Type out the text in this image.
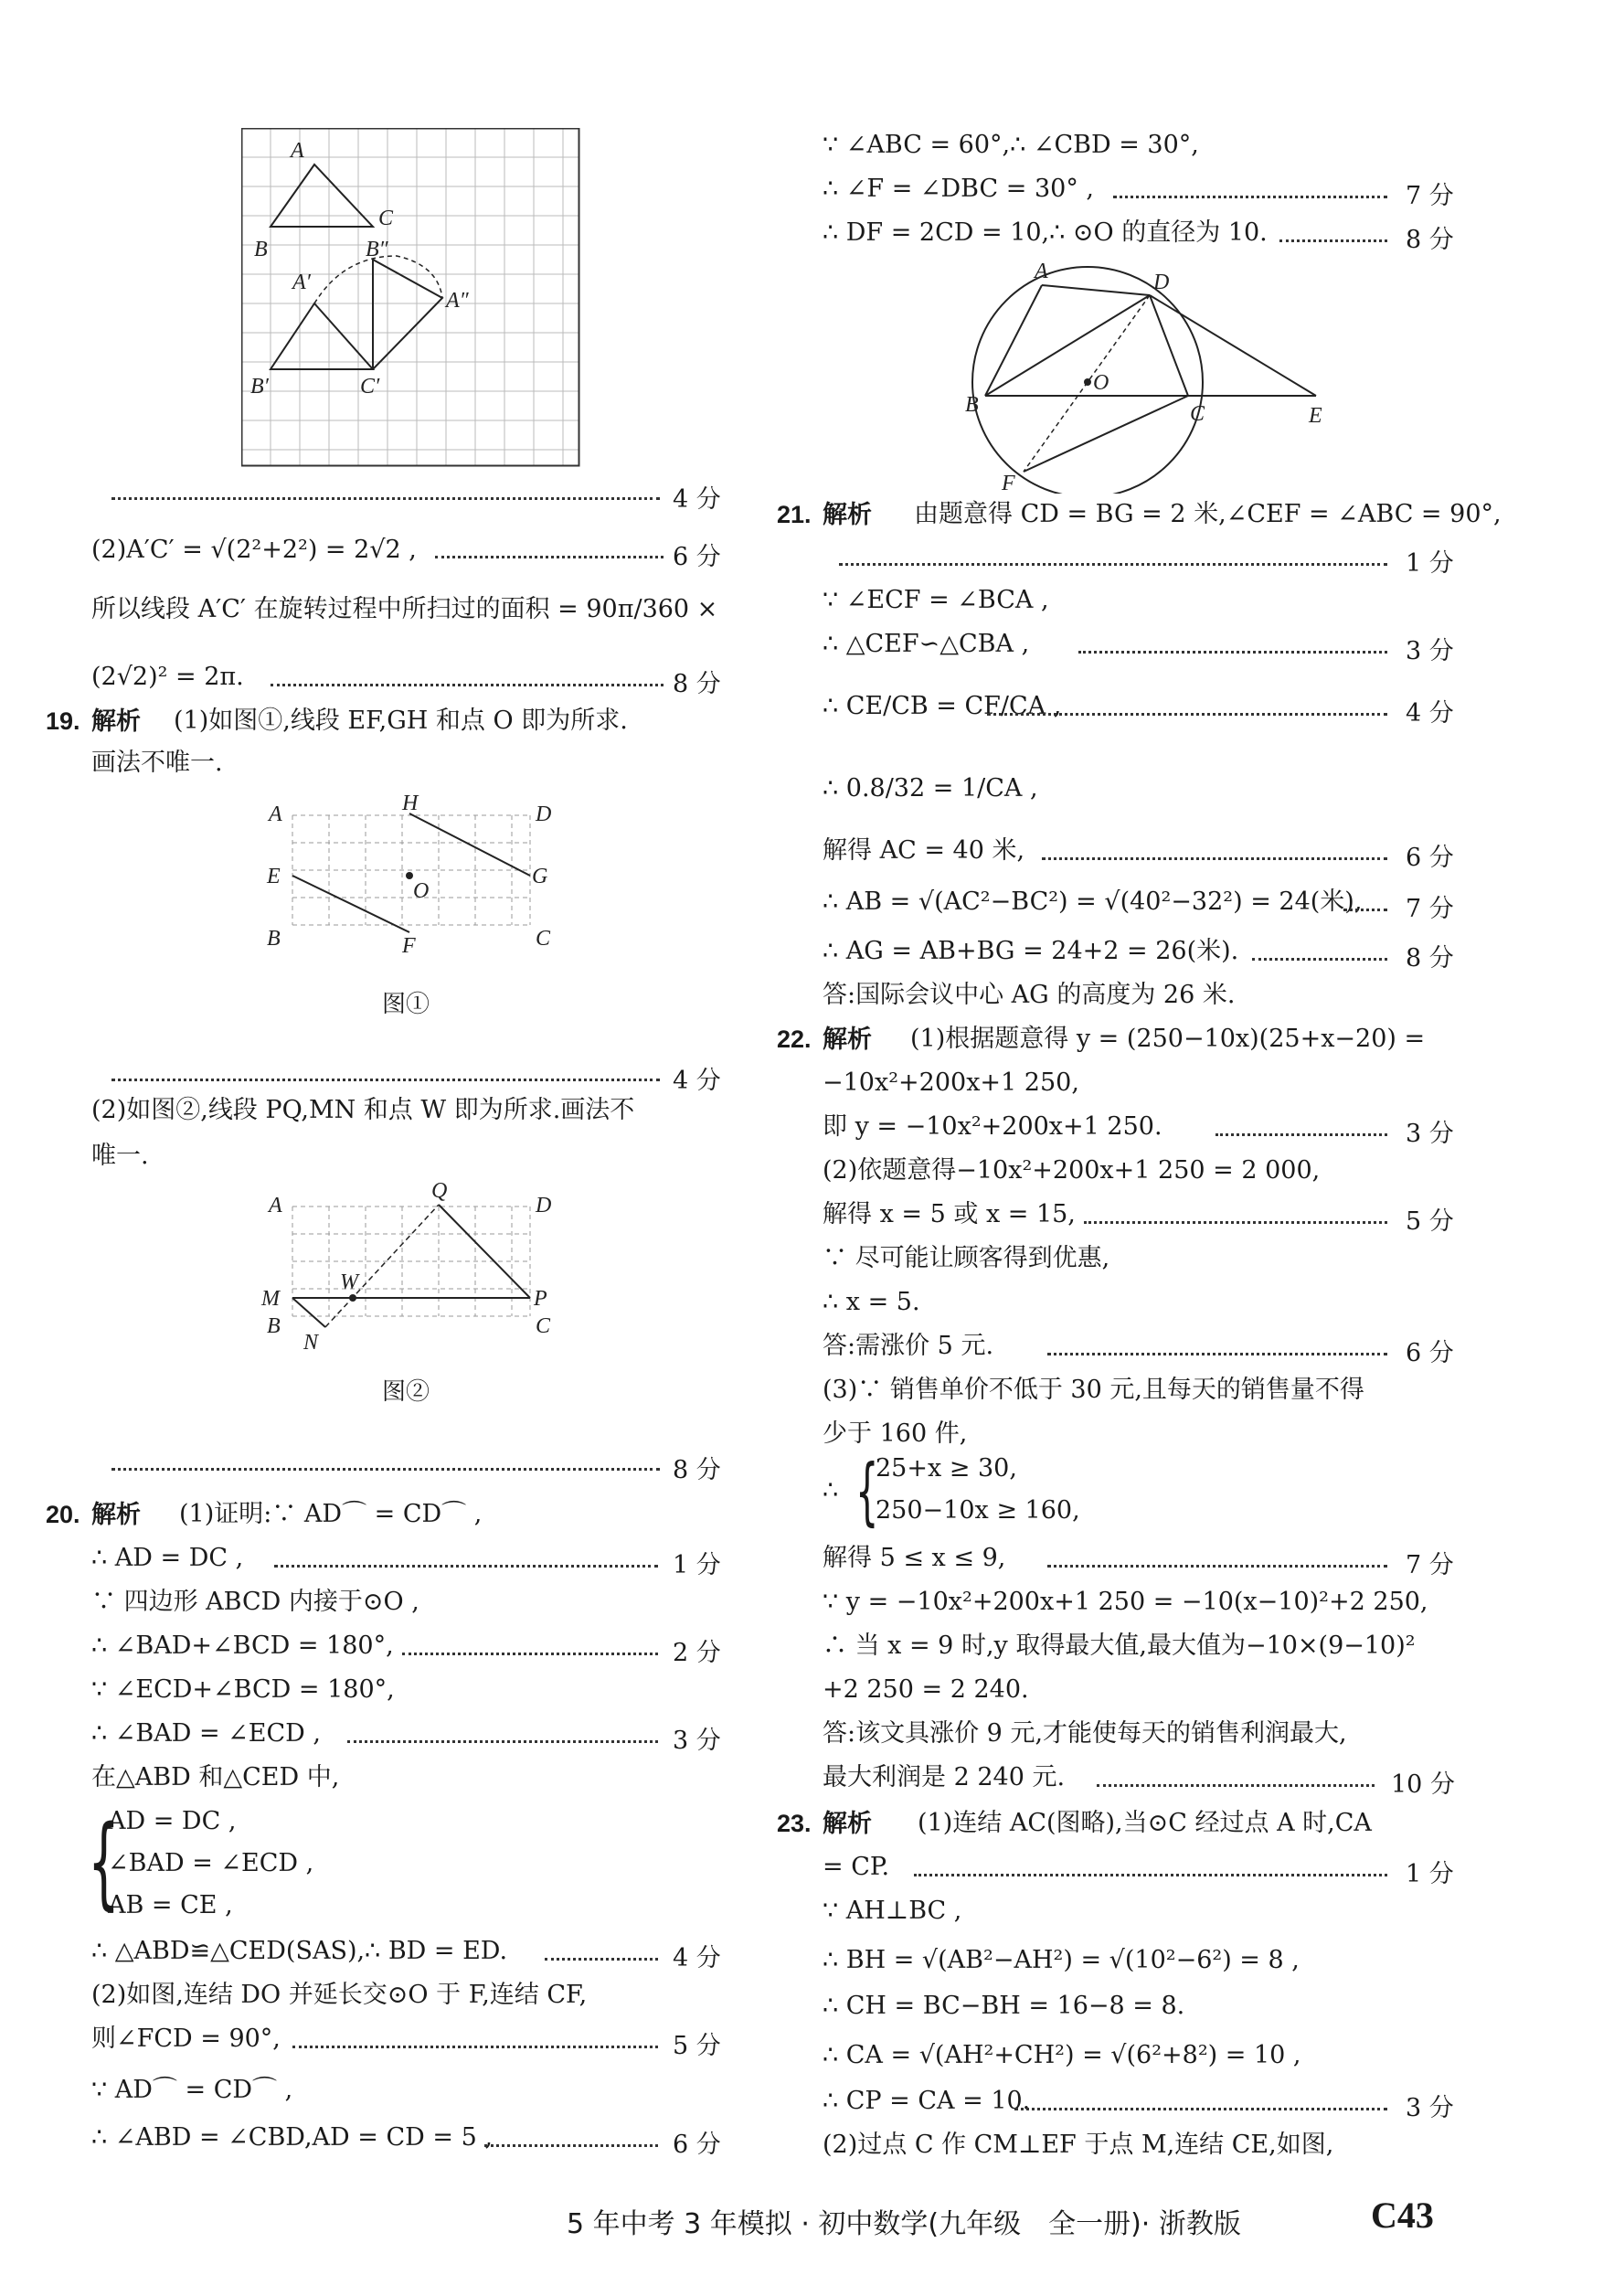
A
B
C
A′
B″
A″
B′	C′
4 分
(2)A′C′ = √(2²+2²) = 2√2 ,	6 分
所以线段 A′C′ 在旋转过程中所扫过的面积 = 90π/360 ×
(2√2)² = 2π.	8 分
19. 解析 (1)如图①,线段 EF,GH 和点 O 即为所求.
画法不唯一.
A	H	D
E
O
G
B	F	C
图①
4 分
(2)如图②,线段 PQ,MN 和点 W 即为所求.画法不
唯一.
A
Q
D
M
W
P
B
N
C
图②
8 分
20. 解析 (1)证明:∵ AD⌒ = CD⌒ ,
∴ AD = DC ,	1 分
∵ 四边形 ABCD 内接于⊙O ,
∴ ∠BAD+∠BCD = 180°,	2 分
∵ ∠ECD+∠BCD = 180°,
∴ ∠BAD = ∠ECD ,	3 分
在△ABD 和△CED 中,
{
AD = DC ,
∠BAD = ∠ECD ,
AB = CE ,
∴ △ABD≌△CED(SAS),∴ BD = ED.	4 分
(2)如图,连结 DO 并延长交⊙O 于 F,连结 CF,
则∠FCD = 90°,	5 分
∵ AD⌒ = CD⌒ ,
∴ ∠ABD = ∠CBD,AD = CD = 5 ,	6 分
∵ ∠ABC = 60°,∴ ∠CBD = 30°,
∴ ∠F = ∠DBC = 30° ,	7 分
∴ DF = 2CD = 10,∴ ⊙O 的直径为 10.	8 分
A	D
B
O
C	E
F
21. 解析 由题意得 CD = BG = 2 米,∠CEF = ∠ABC = 90°,
1 分
∵ ∠ECF = ∠BCA ,
∴ △CEF∽△CBA ,	3 分
∴ CE/CB = CF/CA ,	4 分
∴ 0.8/32 = 1/CA ,
解得 AC = 40 米,	6 分
∴ AB = √(AC²−BC²) = √(40²−32²) = 24(米), 7 分
∴ AG = AB+BG = 24+2 = 26(米).	8 分
答:国际会议中心 AG 的高度为 26 米.
22. 解析 (1)根据题意得 y = (250−10x)(25+x−20) =
−10x²+200x+1 250,
即 y = −10x²+200x+1 250.	3 分
(2)依题意得−10x²+200x+1 250 = 2 000,
解得 x = 5 或 x = 15,	5 分
∵ 尽可能让顾客得到优惠,
∴ x = 5.
答:需涨价 5 元.	6 分
(3)∵ 销售单价不低于 30 元,且每天的销售量不得
少于 160 件,
∴ {
25+x ≥ 30,
250−10x ≥ 160,
解得 5 ≤ x ≤ 9,	7 分
∵ y = −10x²+200x+1 250 = −10(x−10)²+2 250,
∴ 当 x = 9 时,y 取得最大值,最大值为−10×(9−10)²
+2 250 = 2 240.
答:该文具涨价 9 元,才能使每天的销售利润最大,
最大利润是 2 240 元.	10 分
23. 解析 (1)连结 AC(图略),当⊙C 经过点 A 时,CA
= CP.	1 分
∵ AH⊥BC ,
∴ BH = √(AB²−AH²) = √(10²−6²) = 8 ,
∴ CH = BC−BH = 16−8 = 8.
∴ CA = √(AH²+CH²) = √(6²+8²) = 10 ,
∴ CP = CA = 10.	3 分
(2)过点 C 作 CM⊥EF 于点 M,连结 CE,如图,
5 年中考 3 年模拟 · 初中数学(九年级　全一册)· 浙教版	C43
